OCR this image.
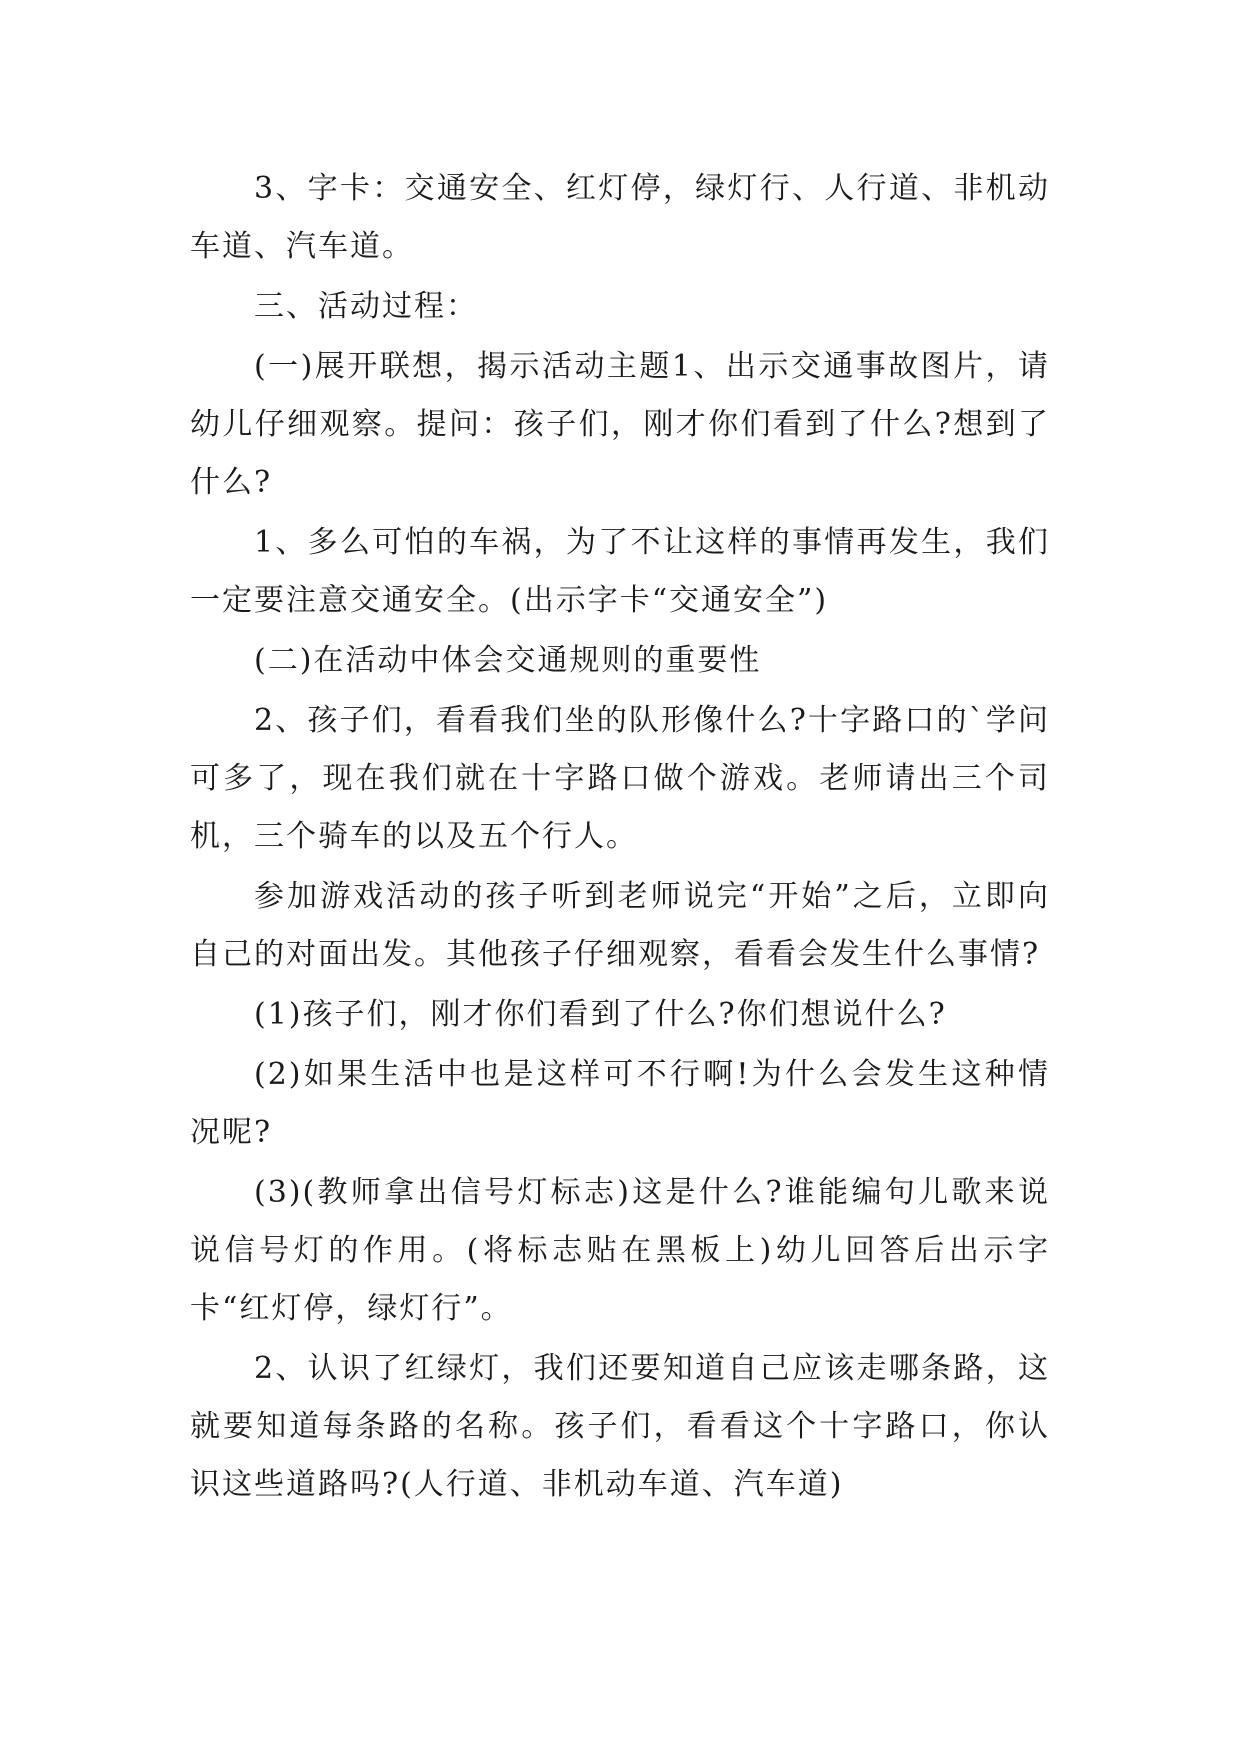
3、字卡：交通安全、红灯停，绿灯行、人行道、非机动车道、汽车道。

三、活动过程：

(一)展开联想，揭示活动主题1、出示交通事故图片，请幼儿仔细观察。提问：孩子们，刚才你们看到了什么?想到了什么?

1、多么可怕的车祸，为了不让这样的事情再发生，我们一定要注意交通安全。(出示字卡“交通安全”)

(二)在活动中体会交通规则的重要性

2、孩子们，看看我们坐的队形像什么?十字路口的`学问可多了，现在我们就在十字路口做个游戏。老师请出三个司机，三个骑车的以及五个行人。

参加游戏活动的孩子听到老师说完“开始”之后，立即向自己的对面出发。其他孩子仔细观察，看看会发生什么事情?

(1)孩子们，刚才你们看到了什么?你们想说什么?

(2)如果生活中也是这样可不行啊!为什么会发生这种情况呢?

(3)(教师拿出信号灯标志)这是什么?谁能编句儿歌来说说信号灯的作用。(将标志贴在黑板上)幼儿回答后出示字卡“红灯停，绿灯行”。

2、认识了红绿灯，我们还要知道自己应该走哪条路，这就要知道每条路的名称。孩子们，看看这个十字路口，你认识这些道路吗?(人行道、非机动车道、汽车道)
